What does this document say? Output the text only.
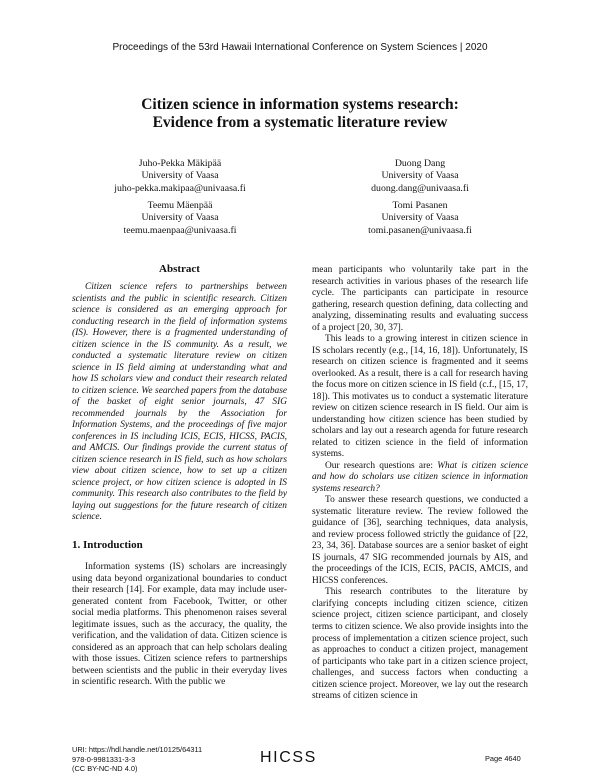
Proceedings of the 53rd Hawaii International Conference on System Sciences | 2020
Citizen science in information systems research:
Evidence from a systematic literature review
Juho-Pekka Mäkipää
University of Vaasa
juho-pekka.makipaa@univaasa.fi
Duong Dang
University of Vaasa
duong.dang@univaasa.fi
Teemu Mäenpää
University of Vaasa
teemu.maenpaa@univaasa.fi
Tomi Pasanen
University of Vaasa
tomi.pasanen@univaasa.fi
Abstract

Citizen science refers to partnerships between scientists and the public in scientific research. Citizen science is considered as an emerging approach for conducting research in the field of information systems (IS). However, there is a fragmented understanding of citizen science in the IS community. As a result, we conducted a systematic literature review on citizen science in IS field aiming at understanding what and how IS scholars view and conduct their research related to citizen science. We searched papers from the database of the basket of eight senior journals, 47 SIG recommended journals by the Association for Information Systems, and the proceedings of five major conferences in IS including ICIS, ECIS, HICSS, PACIS, and AMCIS. Our findings provide the current status of citizen science research in IS field, such as how scholars view about citizen science, how to set up a citizen science project, or how citizen science is adopted in IS community. This research also contributes to the field by laying out suggestions for the future research of citizen science.

1. Introduction

Information systems (IS) scholars are increasingly using data beyond organizational boundaries to conduct their research [14]. For example, data may include user-generated content from Facebook, Twitter, or other social media platforms. This phenomenon raises several legitimate issues, such as the accuracy, the quality, the verification, and the validation of data. Citizen science is considered as an approach that can help scholars dealing with those issues. Citizen science refers to partnerships between scientists and the public in their everyday lives in scientific research. With the public we

mean participants who voluntarily take part in the research activities in various phases of the research life cycle. The participants can participate in resource gathering, research question defining, data collecting and analyzing, disseminating results and evaluating success of a project [20, 30, 37].

This leads to a growing interest in citizen science in IS scholars recently (e.g., [14, 16, 18]). Unfortunately, IS research on citizen science is fragmented and it seems overlooked. As a result, there is a call for research having the focus more on citizen science in IS field (c.f., [15, 17, 18]). This motivates us to conduct a systematic literature review on citizen science research in IS field. Our aim is understanding how citizen science has been studied by scholars and lay out a research agenda for future research related to citizen science in the field of information systems.

Our research questions are: What is citizen science and how do scholars use citizen science in information systems research?

To answer these research questions, we conducted a systematic literature review. The review followed the guidance of [36], searching techniques, data analysis, and review process followed strictly the guidance of [22, 23, 34, 36]. Database sources are a senior basket of eight IS journals, 47 SIG recommended journals by AIS, and the proceedings of the ICIS, ECIS, PACIS, AMCIS, and HICSS conferences.

This research contributes to the literature by clarifying concepts including citizen science, citizen science project, citizen science participant, and closely terms to citizen science. We also provide insights into the process of implementation a citizen science project, such as approaches to conduct a citizen project, management of participants who take part in a citizen science project, challenges, and success factors when conducting a citizen science project. Moreover, we lay out the research streams of citizen science in

URI: https://hdl.handle.net/10125/64311
978-0-9981331-3-3
(CC BY-NC-ND 4.0)
HICSS	Page 4640
